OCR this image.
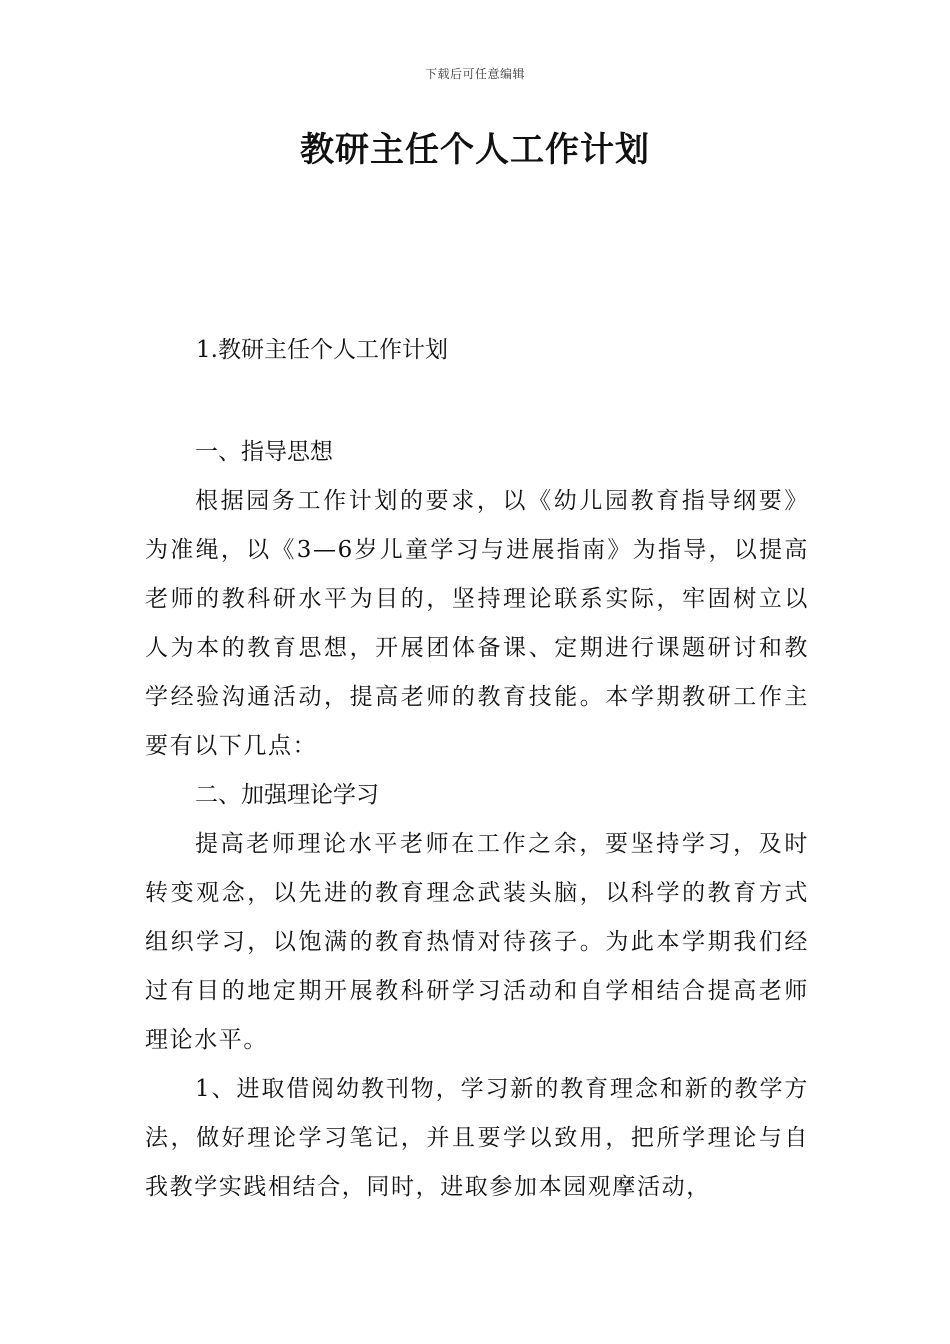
下载后可任意编辑
教研主任个人工作计划
1.教研主任个人工作计划

一、指导思想

根据园务工作计划的要求，以《幼儿园教育指导纲要》为准绳，以《3—6岁儿童学习与进展指南》为指导，以提高老师的教科研水平为目的，坚持理论联系实际，牢固树立以人为本的教育思想，开展团体备课、定期进行课题研讨和教学经验沟通活动，提高老师的教育技能。本学期教研工作主要有以下几点：

二、加强理论学习

提高老师理论水平老师在工作之余，要坚持学习，及时转变观念，以先进的教育理念武装头脑，以科学的教育方式组织学习，以饱满的教育热情对待孩子。为此本学期我们经过有目的地定期开展教科研学习活动和自学相结合提高老师理论水平。

1、进取借阅幼教刊物，学习新的教育理念和新的教学方法，做好理论学习笔记，并且要学以致用，把所学理论与自我教学实践相结合，同时，进取参加本园观摩活动，
